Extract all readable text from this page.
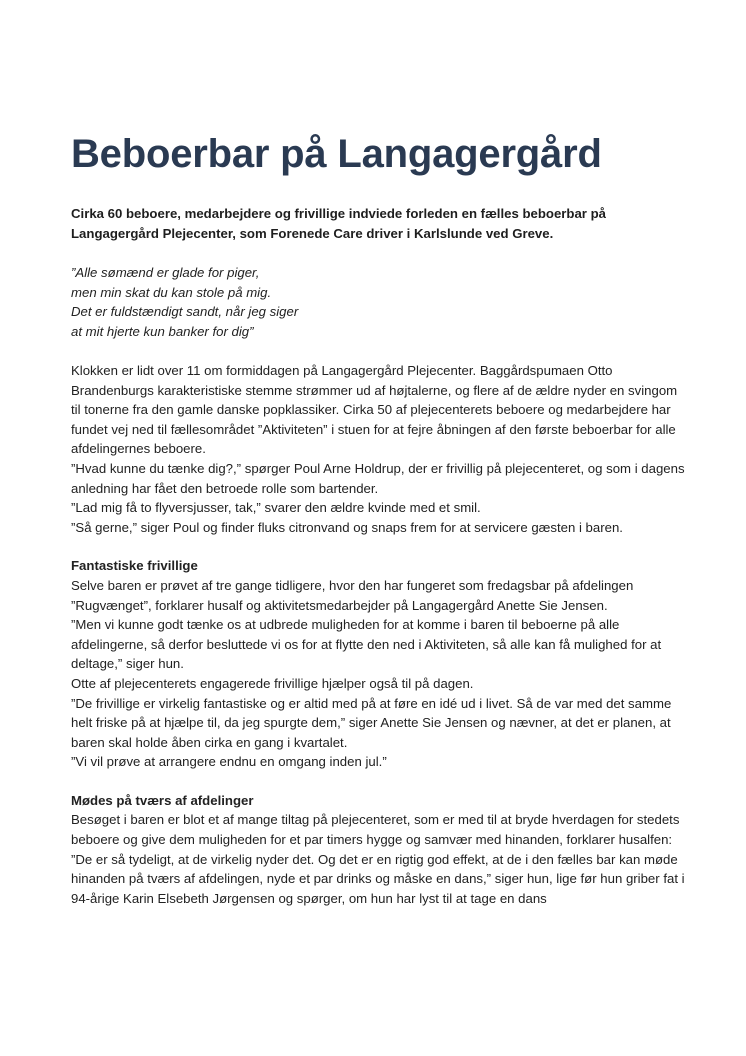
Beboerbar på Langagergård

Cirka 60 beboere, medarbejdere og frivillige indviede forleden en fælles beboerbar på Langagergård Plejecenter, som Forenede Care driver i Karlslunde ved Greve.

”Alle sømænd er glade for piger,
men min skat du kan stole på mig.
Det er fuldstændigt sandt, når jeg siger
at mit hjerte kun banker for dig”

Klokken er lidt over 11 om formiddagen på Langagergård Plejecenter. Baggårdspumaen Otto Brandenburgs karakteristiske stemme strømmer ud af højtalerne, og flere af de ældre nyder en svingom til tonerne fra den gamle danske popklassiker. Cirka 50 af plejecenterets beboere og medarbejdere har fundet vej ned til fællesområdet ”Aktiviteten” i stuen for at fejre åbningen af den første beboerbar for alle afdelingernes beboere.

”Hvad kunne du tænke dig?,” spørger Poul Arne Holdrup, der er frivillig på plejecenteret, og som i dagens anledning har fået den betroede rolle som bartender.

”Lad mig få to flyversjusser, tak,” svarer den ældre kvinde med et smil.

”Så gerne,” siger Poul og finder fluks citronvand og snaps frem for at servicere gæsten i baren.

Fantastiske frivillige

Selve baren er prøvet af tre gange tidligere, hvor den har fungeret som fredagsbar på afdelingen ”Rugvænget”, forklarer husalf og aktivitetsmedarbejder på Langagergård Anette Sie Jensen.

”Men vi kunne godt tænke os at udbrede muligheden for at komme i baren til beboerne på alle afdelingerne, så derfor besluttede vi os for at flytte den ned i Aktiviteten, så alle kan få mulighed for at deltage,” siger hun.

Otte af plejecenterets engagerede frivillige hjælper også til på dagen.

”De frivillige er virkelig fantastiske og er altid med på at føre en idé ud i livet. Så de var med det samme helt friske på at hjælpe til, da jeg spurgte dem,” siger Anette Sie Jensen og nævner, at det er planen, at baren skal holde åben cirka en gang i kvartalet.

”Vi vil prøve at arrangere endnu en omgang inden jul.”

Mødes på tværs af afdelinger

Besøget i baren er blot et af mange tiltag på plejecenteret, som er med til at bryde hverdagen for stedets beboere og give dem muligheden for et par timers hygge og samvær med hinanden, forklarer husalfen:

”De er så tydeligt, at de virkelig nyder det. Og det er en rigtig god effekt, at de i den fælles bar kan møde hinanden på tværs af afdelingen, nyde et par drinks og måske en dans,” siger hun, lige før hun griber fat i 94-årige Karin Elsebeth Jørgensen og spørger, om hun har lyst til at tage en dans
